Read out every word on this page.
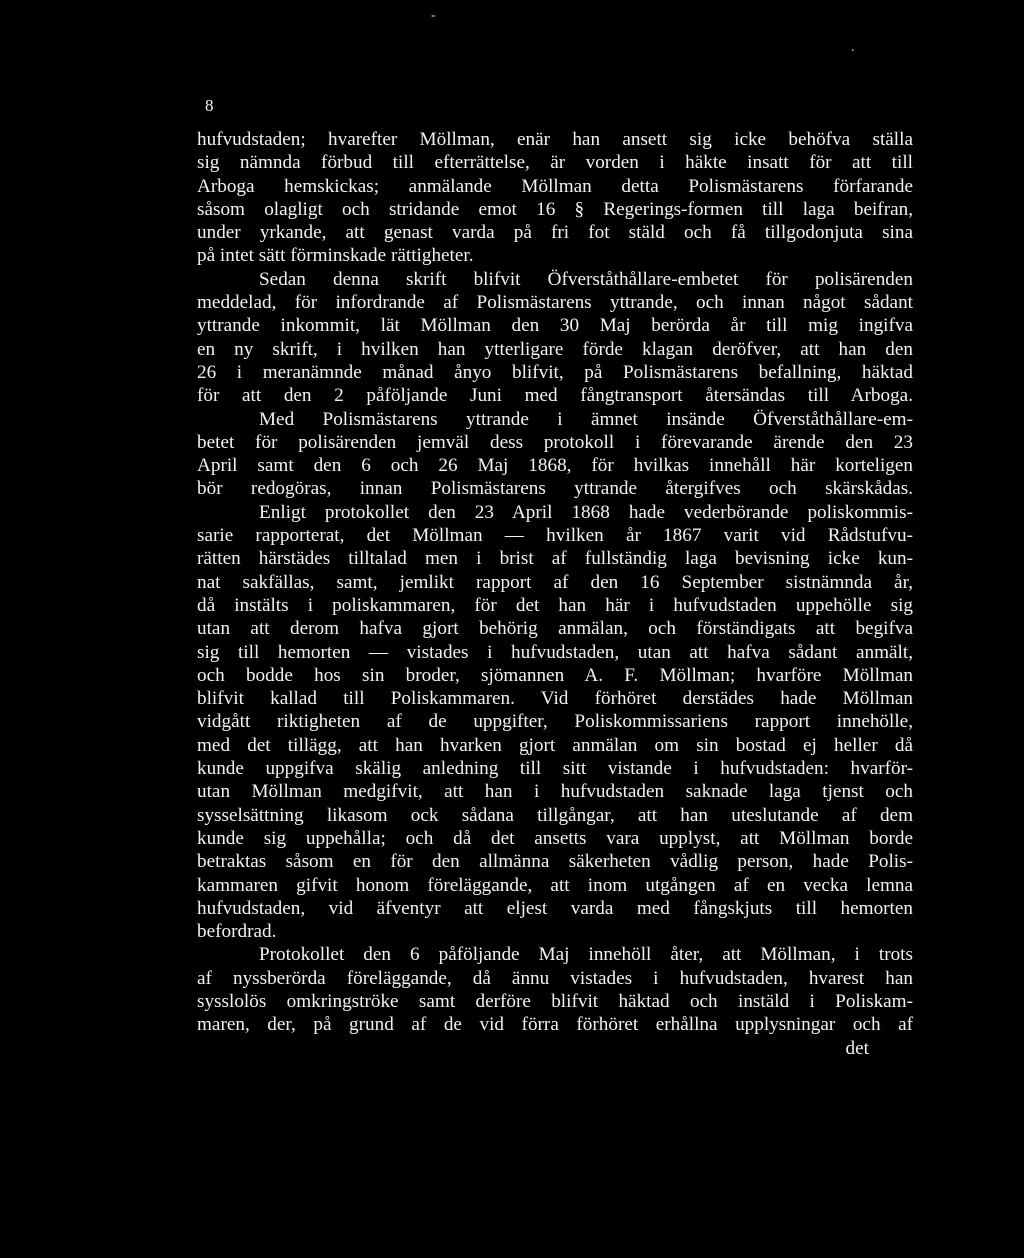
-
.
8
hufvudstaden; hvarefter Möllman, enär han ansett sig icke behöfva ställa
sig nämnda förbud till efterrättelse, är vorden i häkte insatt för att till
Arboga hemskickas; anmälande Möllman detta Polismästarens förfarande
såsom olagligt och stridande emot 16 § Regerings-formen till laga beifran,
under yrkande, att genast varda på fri fot stäld och få tillgodonjuta sina
på intet sätt förminskade rättigheter.
Sedan denna skrift blifvit Öfverståthållare-embetet för polisärenden
meddelad, för infordrande af Polismästarens yttrande, och innan något sådant
yttrande inkommit, lät Möllman den 30 Maj berörda år till mig ingifva
en ny skrift, i hvilken han ytterligare förde klagan deröfver, att han den
26 i meranämnde månad ånyo blifvit, på Polismästarens befallning, häktad
för att den 2 påföljande Juni med fångtransport återsändas till Arboga.
Med Polismästarens yttrande i ämnet insände Öfverståthållare-em-
betet för polisärenden jemväl dess protokoll i förevarande ärende den 23
April samt den 6 och 26 Maj 1868, för hvilkas innehåll här korteligen
bör redogöras, innan Polismästarens yttrande återgifves och skärskådas.
Enligt protokollet den 23 April 1868 hade vederbörande poliskommis-
sarie rapporterat, det Möllman — hvilken år 1867 varit vid Rådstufvu-
rätten härstädes tilltalad men i brist af fullständig laga bevisning icke kun-
nat sakfällas, samt, jemlikt rapport af den 16 September sistnämnda år,
då instälts i poliskammaren, för det han här i hufvudstaden uppehölle sig
utan att derom hafva gjort behörig anmälan, och förständigats att begifva
sig till hemorten — vistades i hufvudstaden, utan att hafva sådant anmält,
och bodde hos sin broder, sjömannen A. F. Möllman; hvarföre Möllman
blifvit kallad till Poliskammaren. Vid förhöret derstädes hade Möllman
vidgått riktigheten af de uppgifter, Poliskommissariens rapport innehölle,
med det tillägg, att han hvarken gjort anmälan om sin bostad ej heller då
kunde uppgifva skälig anledning till sitt vistande i hufvudstaden: hvarför-
utan Möllman medgifvit, att han i hufvudstaden saknade laga tjenst och
sysselsättning likasom ock sådana tillgångar, att han uteslutande af dem
kunde sig uppehålla; och då det ansetts vara upplyst, att Möllman borde
betraktas såsom en för den allmänna säkerheten vådlig person, hade Polis-
kammaren gifvit honom föreläggande, att inom utgången af en vecka lemna
hufvudstaden, vid äfventyr att eljest varda med fångskjuts till hemorten
befordrad.
Protokollet den 6 påföljande Maj innehöll åter, att Möllman, i trots
af nyssberörda föreläggande, då ännu vistades i hufvudstaden, hvarest han
sysslolös omkringströke samt derföre blifvit häktad och instäld i Poliskam-
maren, der, på grund af de vid förra förhöret erhållna upplysningar och af
det
